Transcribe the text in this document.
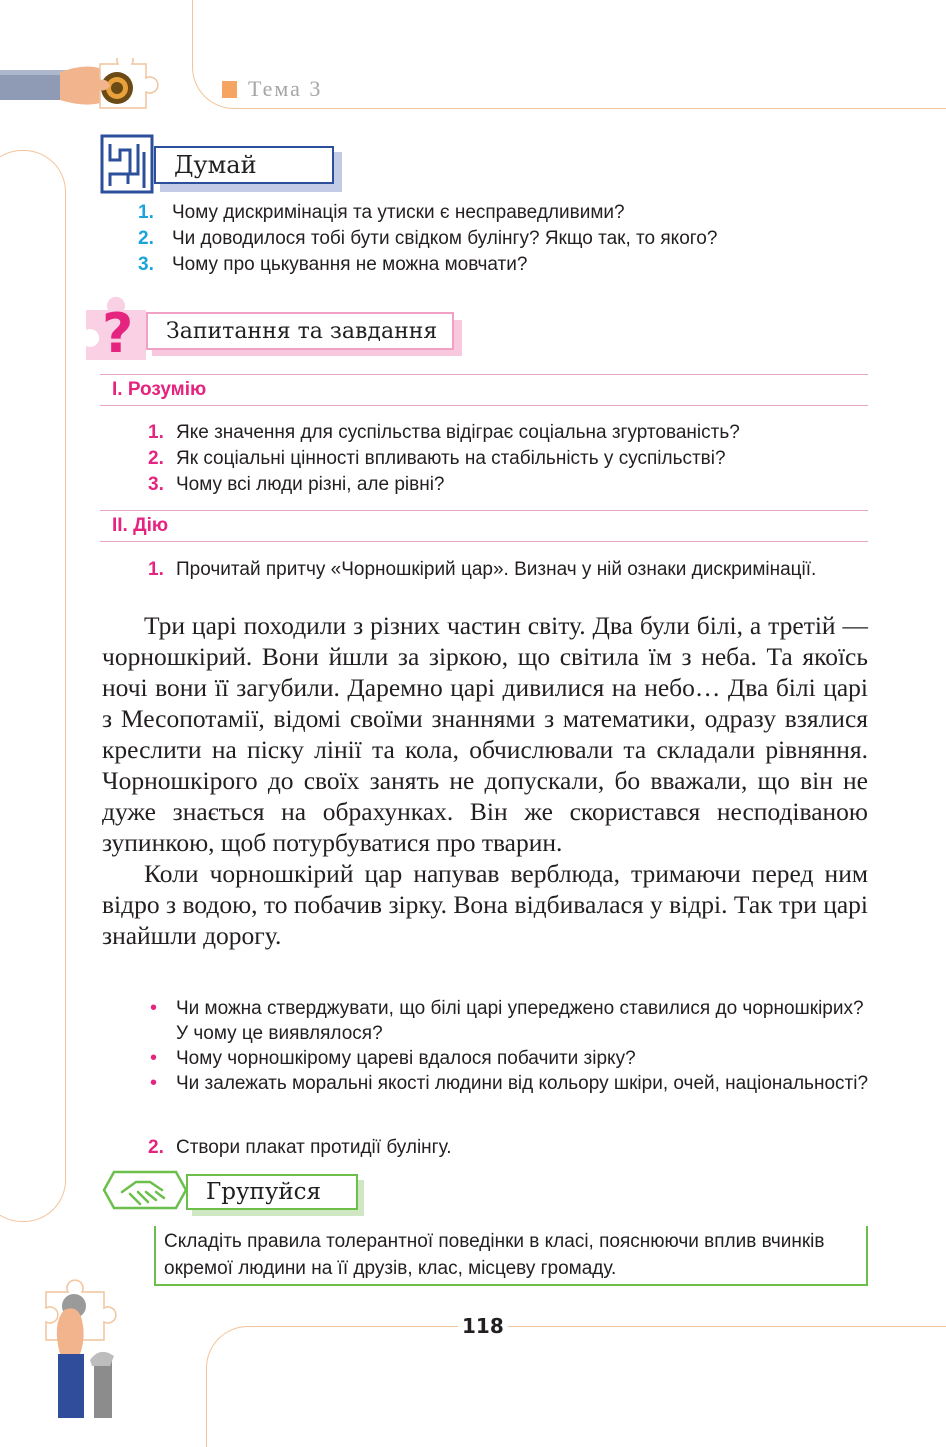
Тема 3
Думай
1. Чому дискримінація та утиски є несправедливими?
2. Чи доводилося тобі бути свідком булінгу? Якщо так, то якого?
3. Чому про цькування не можна мовчати?
?	Запитання та завдання
I. Розумію
1. Яке значення для суспільства відіграє соціальна згуртованість?
2. Як соціальні цінності впливають на стабільність у суспільстві?
3. Чому всі люди різні, але рівні?
II. Дію
1. Прочитай притчу «Чорношкірий цар». Визнач у ній ознаки дискримінації.

Три царі походили з різних частин світу. Два були білі, а третій — чорношкірий. Вони йшли за зіркою, що світила їм з неба. Та якоїсь ночі вони її загубили. Даремно царі дивилися на небо… Два білі царі з Месопотамії, відомі своїми знаннями з математики, одразу взялися креслити на піску лінії та кола, обчислювали та складали рівняння. Чорношкірого до своїх занять не допускали, бо вважали, що він не дуже знається на обрахунках. Він же скористався несподіваною зупинкою, щоб потурбуватися про тварин.

Коли чорношкірий цар напував верблюда, тримаючи перед ним відро з водою, то побачив зірку. Вона відбивалася у відрі. Так три царі знайшли дорогу.

• Чи можна стверджувати, що білі царі упереджено ставилися до чорношкірих? У чому це виявлялося?
• Чому чорношкірому цареві вдалося побачити зірку?
• Чи залежать моральні якості людини від кольору шкіри, очей, національності?
2. Створи плакат протидії булінгу.
Групуйся
Складіть правила толерантної поведінки в класі, пояснюючи вплив вчинків окремої людини на її друзів, клас, місцеву громаду.
118
